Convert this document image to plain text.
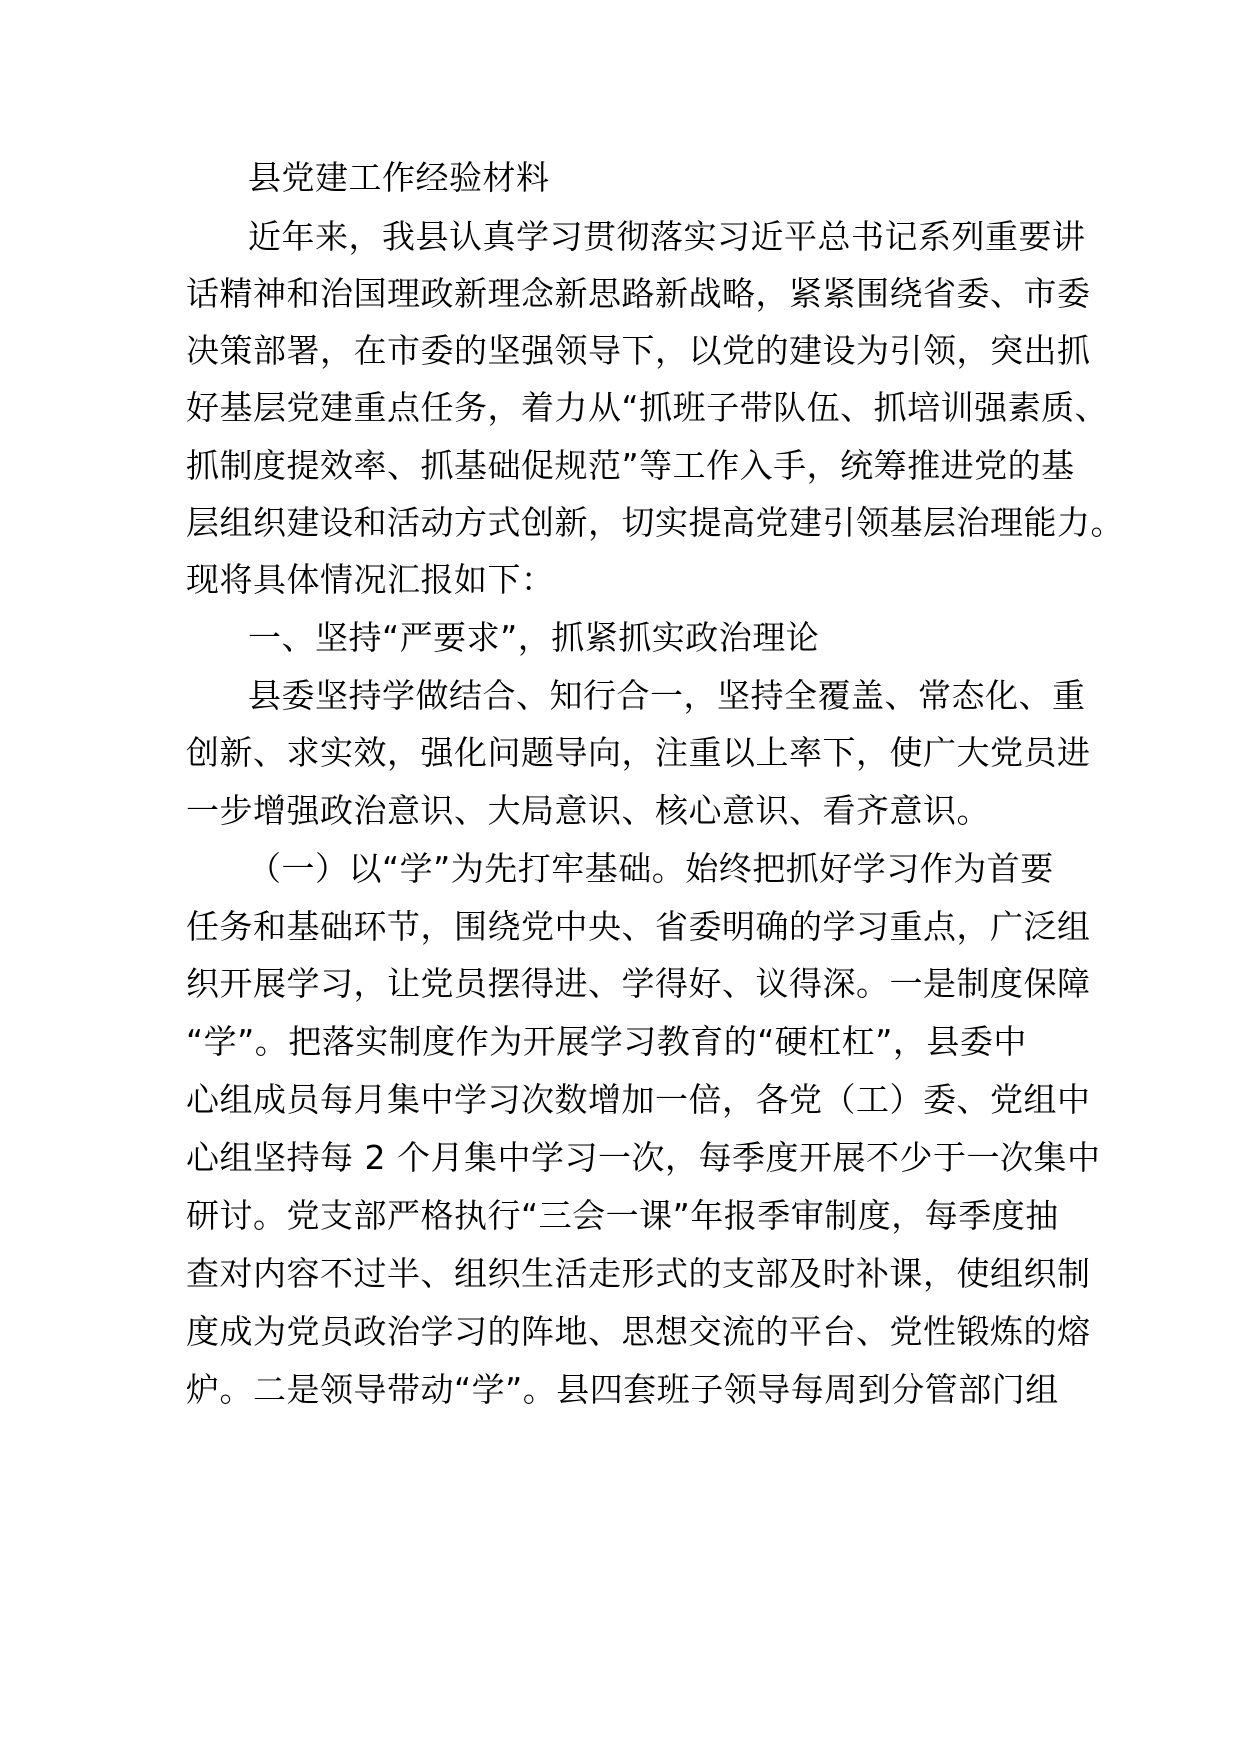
县党建工作经验材料
近年来，我县认真学习贯彻落实习近平总书记系列重要讲
话精神和治国理政新理念新思路新战略，紧紧围绕省委、市委
决策部署，在市委的坚强领导下，以党的建设为引领，突出抓
好基层党建重点任务，着力从“抓班子带队伍、抓培训强素质、
抓制度提效率、抓基础促规范”等工作入手，统筹推进党的基
层组织建设和活动方式创新，切实提高党建引领基层治理能力。
现将具体情况汇报如下：
一、坚持“严要求”，抓紧抓实政治理论
县委坚持学做结合、知行合一，坚持全覆盖、常态化、重
创新、求实效，强化问题导向，注重以上率下，使广大党员进
一步增强政治意识、大局意识、核心意识、看齐意识。
（一）以“学”为先打牢基础。始终把抓好学习作为首要
任务和基础环节，围绕党中央、省委明确的学习重点，广泛组
织开展学习，让党员摆得进、学得好、议得深。一是制度保障
“学”。把落实制度作为开展学习教育的“硬杠杠”，县委中
心组成员每月集中学习次数增加一倍，各党（工）委、党组中
心组坚持每 2 个月集中学习一次，每季度开展不少于一次集中
研讨。党支部严格执行“三会一课”年报季审制度，每季度抽
查对内容不过半、组织生活走形式的支部及时补课，使组织制
度成为党员政治学习的阵地、思想交流的平台、党性锻炼的熔
炉。二是领导带动“学”。县四套班子领导每周到分管部门组
